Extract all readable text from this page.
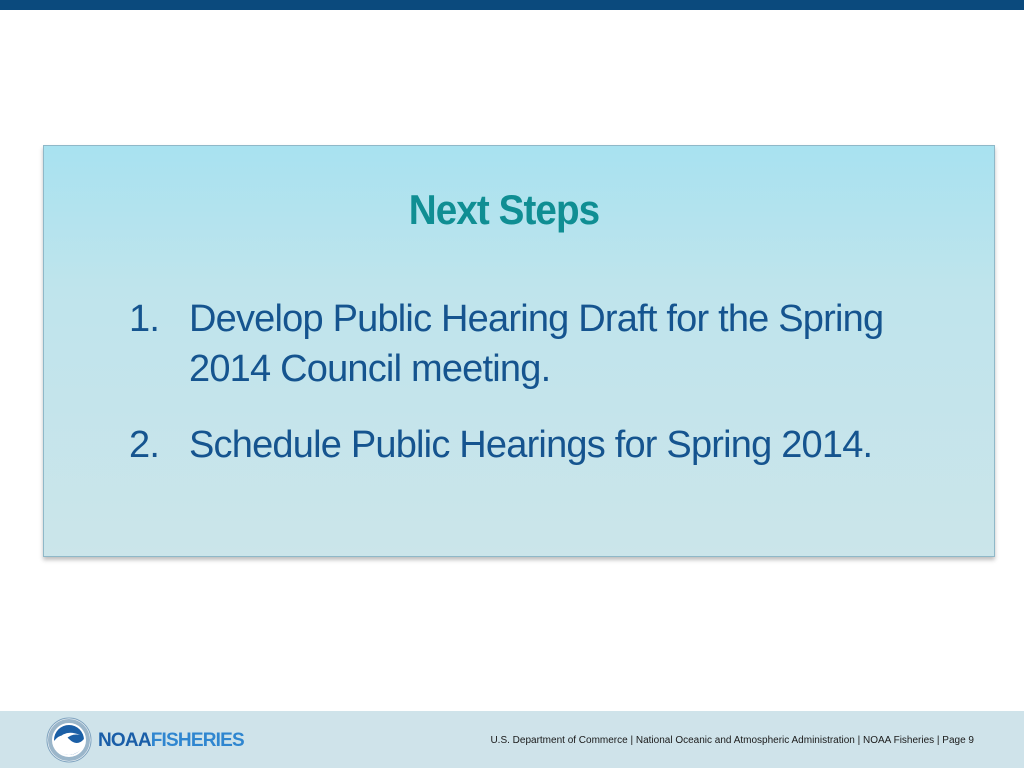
Next Steps
1. Develop Public Hearing Draft for the Spring 2014 Council meeting.
2. Schedule Public Hearings for Spring 2014.
NOAAFISHERIES	U.S. Department of Commerce | National Oceanic and Atmospheric Administration | NOAA Fisheries | Page 9
